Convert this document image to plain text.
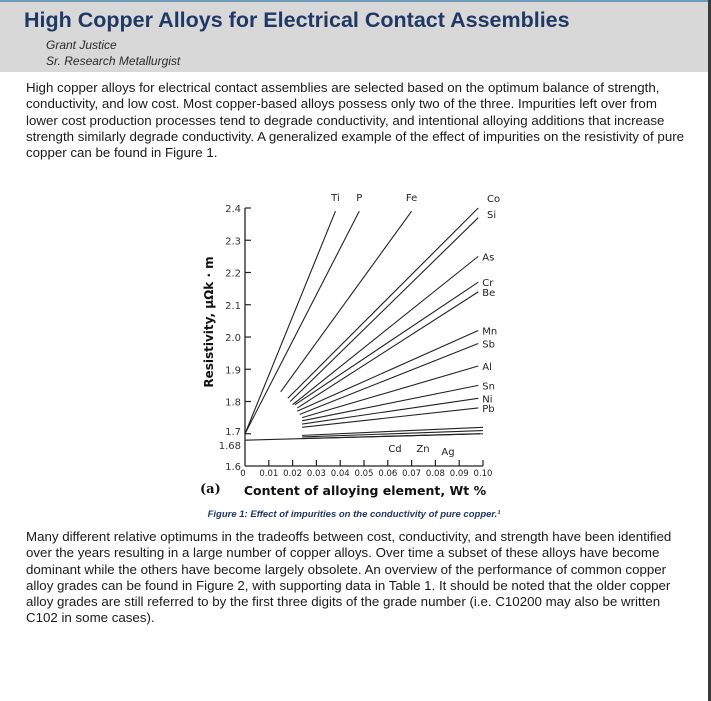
High Copper Alloys for Electrical Contact Assemblies
Grant Justice
Sr. Research Metallurgist
High copper alloys for electrical contact assemblies are selected based on the optimum balance of strength, conductivity, and low cost. Most copper-based alloys possess only two of the three. Impurities left over from lower cost production processes tend to degrade conductivity, and intentional alloying additions that increase strength similarly degrade conductivity. A generalized example of the effect of impurities on the resistivity of pure copper can be found in Figure 1.
1.6
1.68
1.7
1.8
1.9
2.0
2.1
2.2
2.3
2.4
0 0.01 0.02 0.03 0.04 0.05 0.06 0.07 0.08 0.09 0.10
Ti P	Fe	Co
Si
As
Cr
Be
Mn
Sb
Al
Sn
Ni
Pb
Ag
Zn
Cd
Resistivity, μΩk · m
Content of alloying element, Wt %
(a)
Figure 1: Effect of impurities on the conductivity of pure copper.¹
Many different relative optimums in the tradeoffs between cost, conductivity, and strength have been identified over the years resulting in a large number of copper alloys. Over time a subset of these alloys have become dominant while the others have become largely obsolete. An overview of the performance of common copper alloy grades can be found in Figure 2, with supporting data in Table 1. It should be noted that the older copper alloy grades are still referred to by the first three digits of the grade number (i.e. C10200 may also be written C102 in some cases).
